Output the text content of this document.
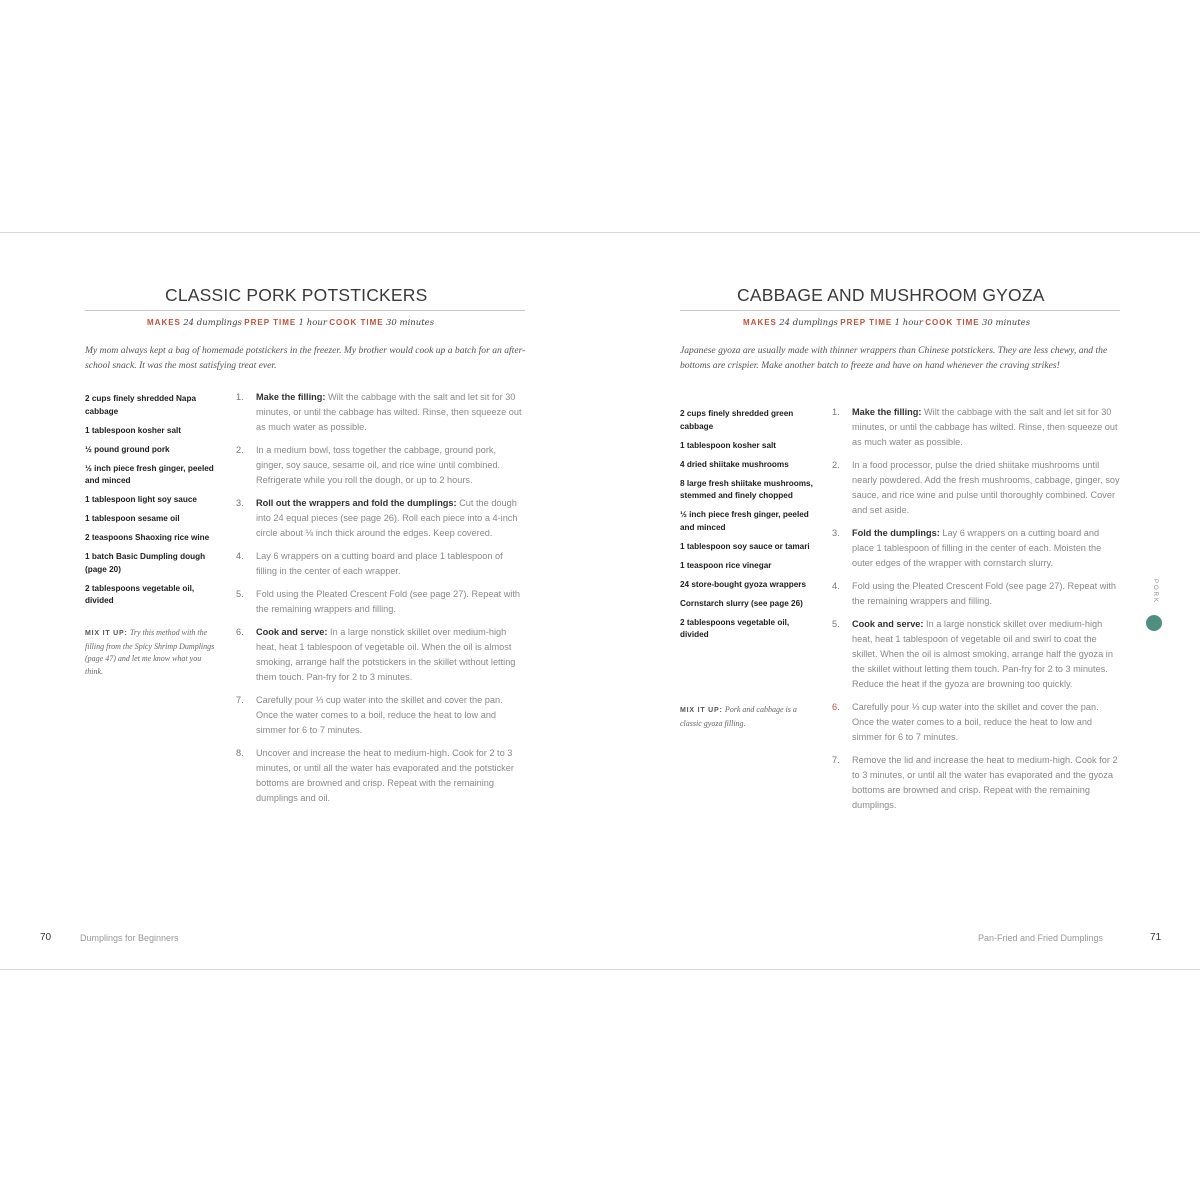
CLASSIC PORK POTSTICKERS
MAKES 24 dumplings PREP TIME 1 hour COOK TIME 30 minutes
My mom always kept a bag of homemade potstickers in the freezer. My brother would cook up a batch for an after-school snack. It was the most satisfying treat ever.
2 cups finely shredded Napa cabbage
1 tablespoon kosher salt
½ pound ground pork
½ inch piece fresh ginger, peeled and minced
1 tablespoon light soy sauce
1 tablespoon sesame oil
2 teaspoons Shaoxing rice wine
1 batch Basic Dumpling dough (page 20)
2 tablespoons vegetable oil, divided
MIX IT UP: Try this method with the filling from the Spicy Shrimp Dumplings (page 47) and let me know what you think.
1. Make the filling: Wilt the cabbage with the salt and let sit for 30 minutes, or until the cabbage has wilted. Rinse, then squeeze out as much water as possible.
2. In a medium bowl, toss together the cabbage, ground pork, ginger, soy sauce, sesame oil, and rice wine until combined. Refrigerate while you roll the dough, or up to 2 hours.
3. Roll out the wrappers and fold the dumplings: Cut the dough into 24 equal pieces (see page 26). Roll each piece into a 4-inch circle about ⅛ inch thick around the edges. Keep covered.
4. Lay 6 wrappers on a cutting board and place 1 tablespoon of filling in the center of each wrapper.
5. Fold using the Pleated Crescent Fold (see page 27). Repeat with the remaining wrappers and filling.
6. Cook and serve: In a large nonstick skillet over medium-high heat, heat 1 tablespoon of vegetable oil. When the oil is almost smoking, arrange half the potstickers in the skillet without letting them touch. Pan-fry for 2 to 3 minutes.
7. Carefully pour ⅓ cup water into the skillet and cover the pan. Once the water comes to a boil, reduce the heat to low and simmer for 6 to 7 minutes.
8. Uncover and increase the heat to medium-high. Cook for 2 to 3 minutes, or until all the water has evaporated and the potsticker bottoms are browned and crisp. Repeat with the remaining dumplings and oil.
70	Dumplings for Beginners
CABBAGE AND MUSHROOM GYOZA
MAKES 24 dumplings PREP TIME 1 hour COOK TIME 30 minutes
Japanese gyoza are usually made with thinner wrappers than Chinese potstickers. They are less chewy, and the bottoms are crispier. Make another batch to freeze and have on hand whenever the craving strikes!
2 cups finely shredded green cabbage
1 tablespoon kosher salt
4 dried shiitake mushrooms
8 large fresh shiitake mushrooms, stemmed and finely chopped
½ inch piece fresh ginger, peeled and minced
1 tablespoon soy sauce or tamari
1 teaspoon rice vinegar
24 store-bought gyoza wrappers
Cornstarch slurry (see page 26)
2 tablespoons vegetable oil, divided
MIX IT UP: Pork and cabbage is a classic gyoza filling.
1. Make the filling: Wilt the cabbage with the salt and let sit for 30 minutes, or until the cabbage has wilted. Rinse, then squeeze out as much water as possible.
2. In a food processor, pulse the dried shiitake mushrooms until nearly powdered. Add the fresh mushrooms, cabbage, ginger, soy sauce, and rice wine and pulse until thoroughly combined. Cover and set aside.
3. Fold the dumplings: Lay 6 wrappers on a cutting board and place 1 tablespoon of filling in the center of each. Moisten the outer edges of the wrapper with cornstarch slurry.
4. Fold using the Pleated Crescent Fold (see page 27). Repeat with the remaining wrappers and filling.
5. Cook and serve: In a large nonstick skillet over medium-high heat, heat 1 tablespoon of vegetable oil and swirl to coat the skillet. When the oil is almost smoking, arrange half the gyoza in the skillet without letting them touch. Pan-fry for 2 to 3 minutes. Reduce the heat if the gyoza are browning too quickly.
6. Carefully pour ⅓ cup water into the skillet and cover the pan. Once the water comes to a boil, reduce the heat to low and simmer for 6 to 7 minutes.
7. Remove the lid and increase the heat to medium-high. Cook for 2 to 3 minutes, or until all the water has evaporated and the gyoza bottoms are browned and crisp. Repeat with the remaining dumplings.
PORK
Pan-Fried and Fried Dumplings	71
